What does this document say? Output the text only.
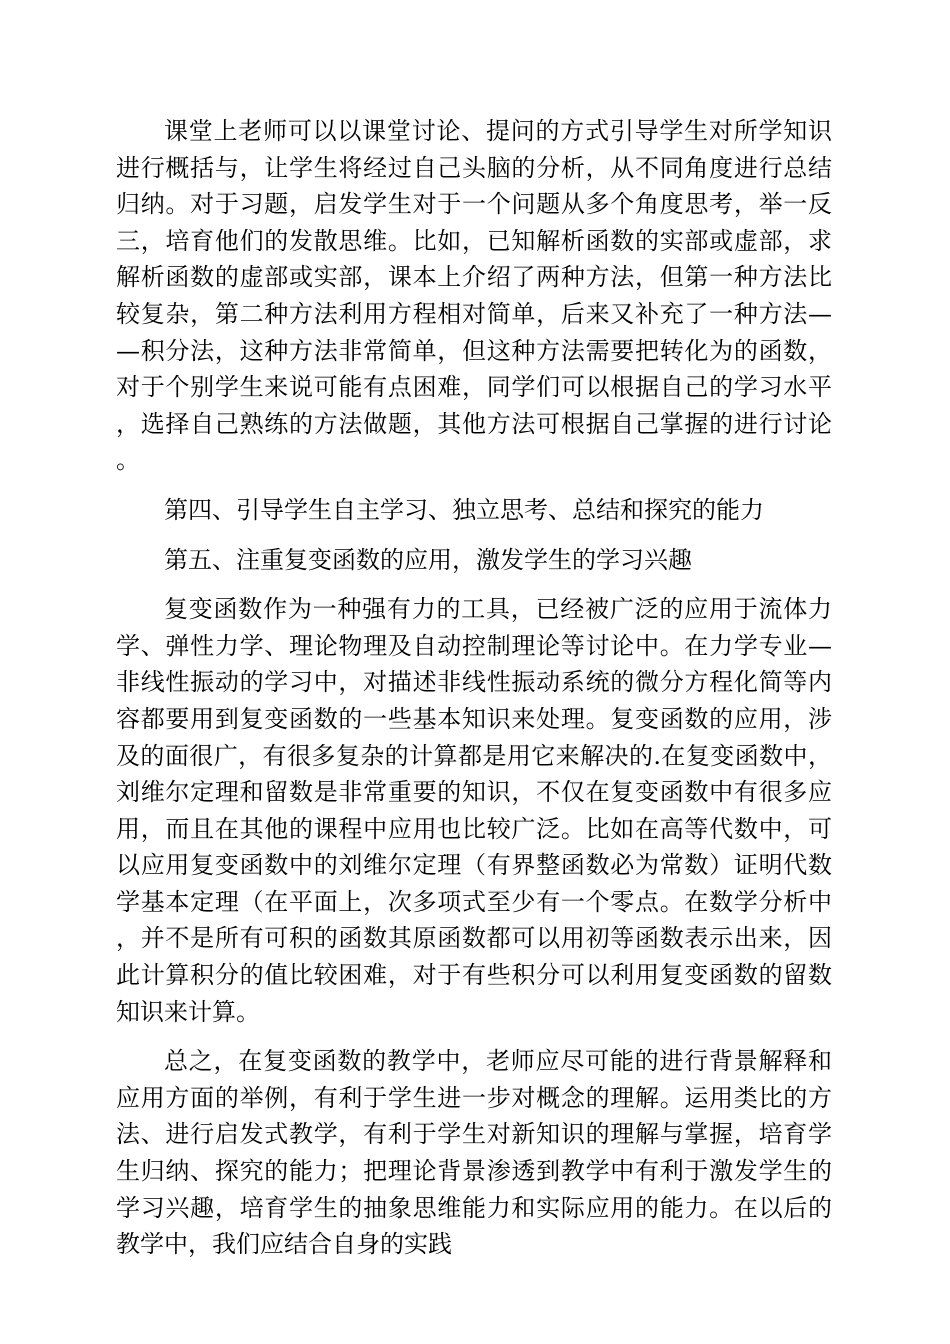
课堂上老师可以以课堂讨论、提问的方式引导学生对所学知识进行概括与，让学生将经过自己头脑的分析，从不同角度进行总结归纳。对于习题，启发学生对于一个问题从多个角度思考，举一反三，培育他们的发散思维。比如，已知解析函数的实部或虚部，求解析函数的虚部或实部，课本上介绍了两种方法，但第一种方法比较复杂，第二种方法利用方程相对简单，后来又补充了一种方法——积分法，这种方法非常简单，但这种方法需要把转化为的函数，对于个别学生来说可能有点困难，同学们可以根据自己的学习水平，选择自己熟练的方法做题，其他方法可根据自己掌握的进行讨论。

第四、引导学生自主学习、独立思考、总结和探究的能力

第五、注重复变函数的应用，激发学生的学习兴趣

复变函数作为一种强有力的工具，已经被广泛的应用于流体力学、弹性力学、理论物理及自动控制理论等讨论中。在力学专业—非线性振动的学习中，对描述非线性振动系统的微分方程化简等内容都要用到复变函数的一些基本知识来处理。复变函数的应用，涉及的面很广，有很多复杂的计算都是用它来解决的.在复变函数中，刘维尔定理和留数是非常重要的知识，不仅在复变函数中有很多应用，而且在其他的课程中应用也比较广泛。比如在高等代数中，可以应用复变函数中的刘维尔定理（有界整函数必为常数）证明代数学基本定理（在平面上，次多项式至少有一个零点。在数学分析中，并不是所有可积的函数其原函数都可以用初等函数表示出来，因此计算积分的值比较困难，对于有些积分可以利用复变函数的留数知识来计算。

总之，在复变函数的教学中，老师应尽可能的进行背景解释和应用方面的举例，有利于学生进一步对概念的理解。运用类比的方法、进行启发式教学，有利于学生对新知识的理解与掌握，培育学生归纳、探究的能力；把理论背景渗透到教学中有利于激发学生的学习兴趣，培育学生的抽象思维能力和实际应用的能力。在以后的教学中，我们应结合自身的实践
